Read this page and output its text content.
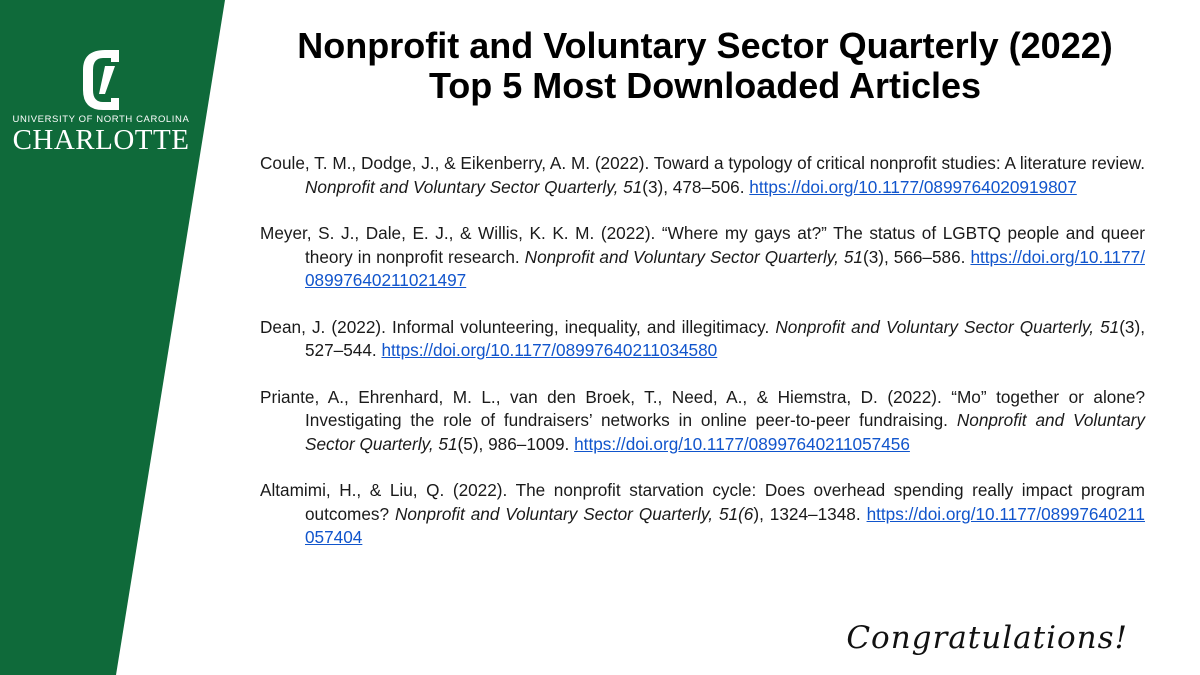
UNIVERSITY OF NORTH CAROLINA
CHARLOTTE
Nonprofit and Voluntary Sector Quarterly (2022)
Top 5 Most Downloaded Articles
Coule, T. M., Dodge, J., & Eikenberry, A. M. (2022). Toward a typology of critical nonprofit studies: A literature review. Nonprofit and Voluntary Sector Quarterly, 51(3), 478–506. https://doi.org/10.1177/0899764020919807
Meyer, S. J., Dale, E. J., & Willis, K. K. M. (2022). “Where my gays at?” The status of LGBTQ people and queer theory in nonprofit research. Nonprofit and Voluntary Sector Quarterly, 51(3), 566–586. https://doi.org/10.1177/08997640211021497
Dean, J. (2022). Informal volunteering, inequality, and illegitimacy. Nonprofit and Voluntary Sector Quarterly, 51(3), 527–544. https://doi.org/10.1177/08997640211034580
Priante, A., Ehrenhard, M. L., van den Broek, T., Need, A., & Hiemstra, D. (2022). “Mo” together or alone? Investigating the role of fundraisers’ networks in online peer-to-peer fundraising. Nonprofit and Voluntary Sector Quarterly, 51(5), 986–1009. https://doi.org/10.1177/08997640211057456
Altamimi, H., & Liu, Q. (2022). The nonprofit starvation cycle: Does overhead spending really impact program outcomes? Nonprofit and Voluntary Sector Quarterly, 51(6), 1324–1348. https://doi.org/10.1177/08997640211057404
Congratulations!
